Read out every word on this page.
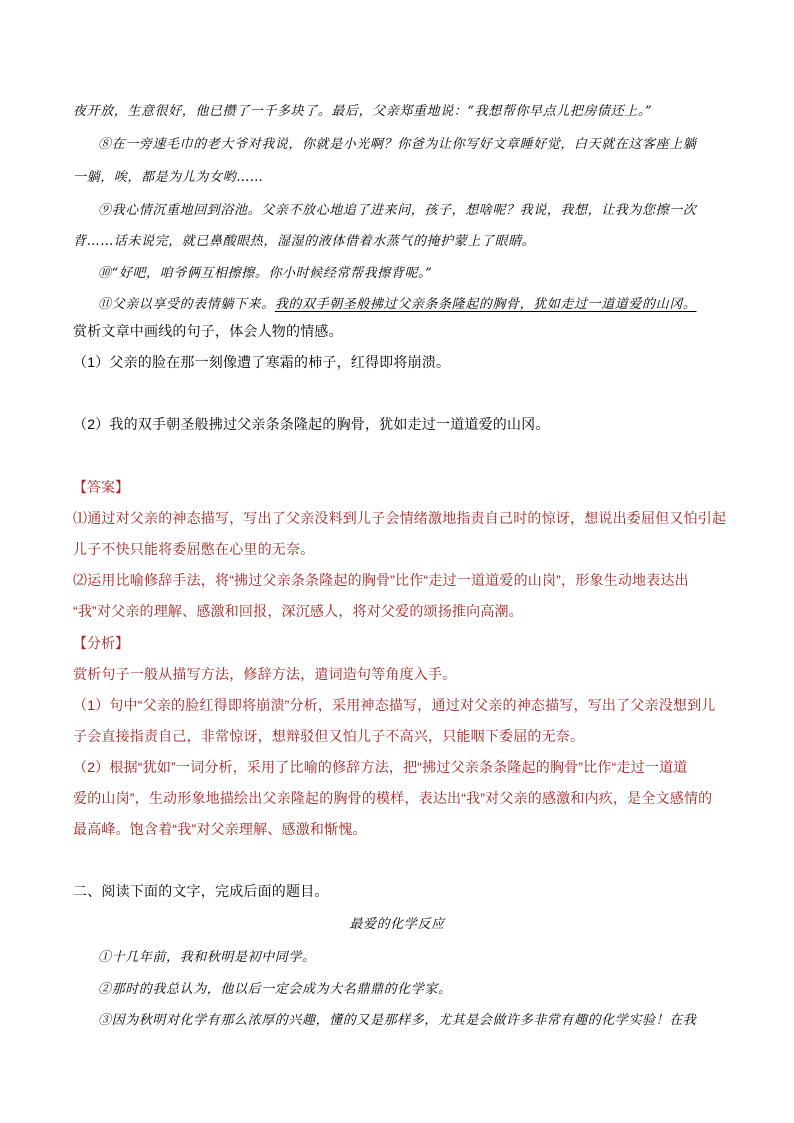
夜开放，生意很好，他已攒了一千多块了。最后，父亲郑重地说：“我想帮你早点儿把房债还上。”

⑧在一旁速毛巾的老大爷对我说，你就是小光啊？你爸为让你写好文章睡好觉，白天就在这客座上躺

一躺，唉，都是为儿为女哟……

⑨我心情沉重地回到浴池。父亲不放心地追了进来问，孩子，想啥呢？我说，我想，让我为您擦一次

背……话未说完，就已鼻酸眼热，湿湿的液体借着水蒸气的掩护蒙上了眼睛。

⑩“好吧，咱爷俩互相擦擦。你小时候经常帮我擦背呢。”

⑪父亲以享受的表情躺下来。我的双手朝圣般拂过父亲条条隆起的胸骨，犹如走过一道道爱的山冈。

赏析文章中画线的句子，体会人物的情感。

（1）父亲的脸在那一刻像遭了寒霜的柿子，红得即将崩溃。

（2）我的双手朝圣般拂过父亲条条隆起的胸骨，犹如走过一道道爱的山冈。

【答案】

⑴通过对父亲的神态描写，写出了父亲没料到儿子会情绪激地指责自己时的惊讶，想说出委屈但又怕引起

儿子不快只能将委屈憋在心里的无奈。

⑵运用比喻修辞手法，将“拂过父亲条条隆起的胸骨”比作“走过一道道爱的山岗”，形象生动地表达出

“我”对父亲的理解、感激和回报，深沉感人，将对父爱的颂扬推向高潮。

【分析】

赏析句子一般从描写方法，修辞方法，遣词造句等角度入手。

（1）句中“父亲的脸红得即将崩溃”分析，采用神态描写，通过对父亲的神态描写，写出了父亲没想到儿

子会直接指责自己，非常惊讶，想辩驳但又怕儿子不高兴，只能咽下委屈的无奈。

（2）根据“犹如”一词分析，采用了比喻的修辞方法，把“拂过父亲条条隆起的胸骨”比作“走过一道道

爱的山岗”，生动形象地描绘出父亲隆起的胸骨的模样，表达出“我”对父亲的感激和内疚，是全文感情的

最高峰。饱含着“我”对父亲理解、感激和惭愧。

二、阅读下面的文字，完成后面的题目。

最爱的化学反应

①十几年前，我和秋明是初中同学。

②那时的我总认为，他以后一定会成为大名鼎鼎的化学家。

③因为秋明对化学有那么浓厚的兴趣，懂的又是那样多，尤其是会做许多非常有趣的化学实验！在我
